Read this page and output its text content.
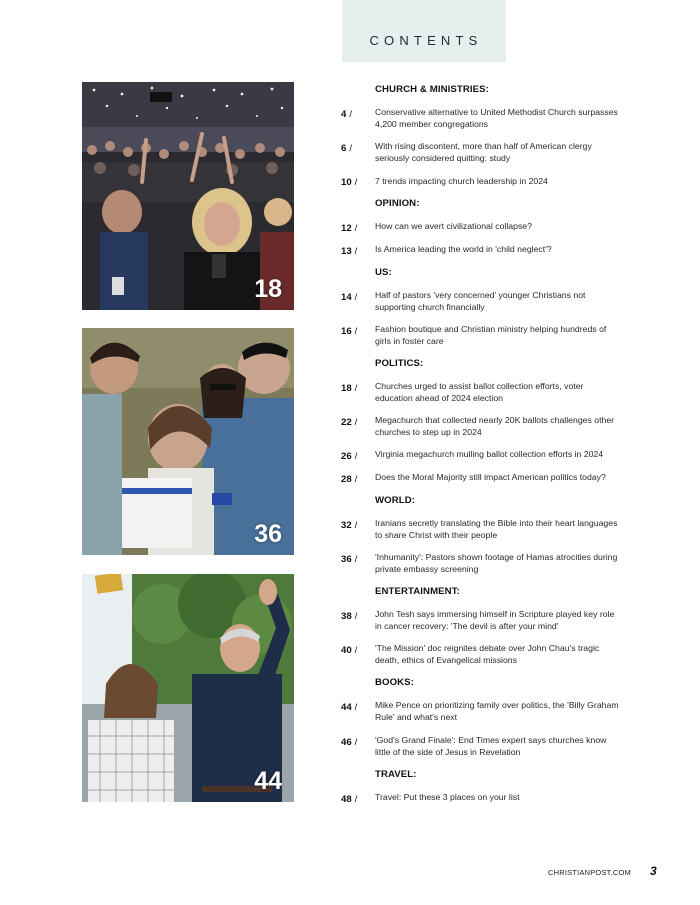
CONTENTS
18
36
44
CHURCH & MINISTRIES:
4 /	Conservative alternative to United Methodist Church surpasses 4,200 member congregations
6 /	With rising discontent, more than half of American clergy seriously considered quitting: study
10 / 7 trends impacting church leadership in 2024
OPINION:
12 / How can we avert civilizational collapse?
13 / Is America leading the world in 'child neglect'?
US:
14 / Half of pastors 'very concerned' younger Christians not supporting church financially
16 / Fashion boutique and Christian ministry helping hundreds of girls in foster care
POLITICS:
18 / Churches urged to assist ballot collection efforts, voter education ahead of 2024 election
22 / Megachurch that collected nearly 20K ballots challenges other churches to step up in 2024
26 / Virginia megachurch mulling ballot collection efforts in 2024
28 / Does the Moral Majority still impact American politics today?
WORLD:
32 / Iranians secretly translating the Bible into their heart languages to share Christ with their people
36 / 'Inhumanity': Pastors shown footage of Hamas atrocities during private embassy screening
ENTERTAINMENT:
38 / John Tesh says immersing himself in Scripture played key role in cancer recovery: 'The devil is after your mind'
40 / 'The Mission' doc reignites debate over John Chau's tragic death, ethics of Evangelical missions
BOOKS:
44 / Mike Pence on prioritizing family over politics, the 'Billy Graham Rule' and what's next
46 / 'God's Grand Finale': End Times expert says churches know little of the side of Jesus in Revelation
TRAVEL:
48 / Travel: Put these 3 places on your list
CHRISTIANPOST.COM 3
